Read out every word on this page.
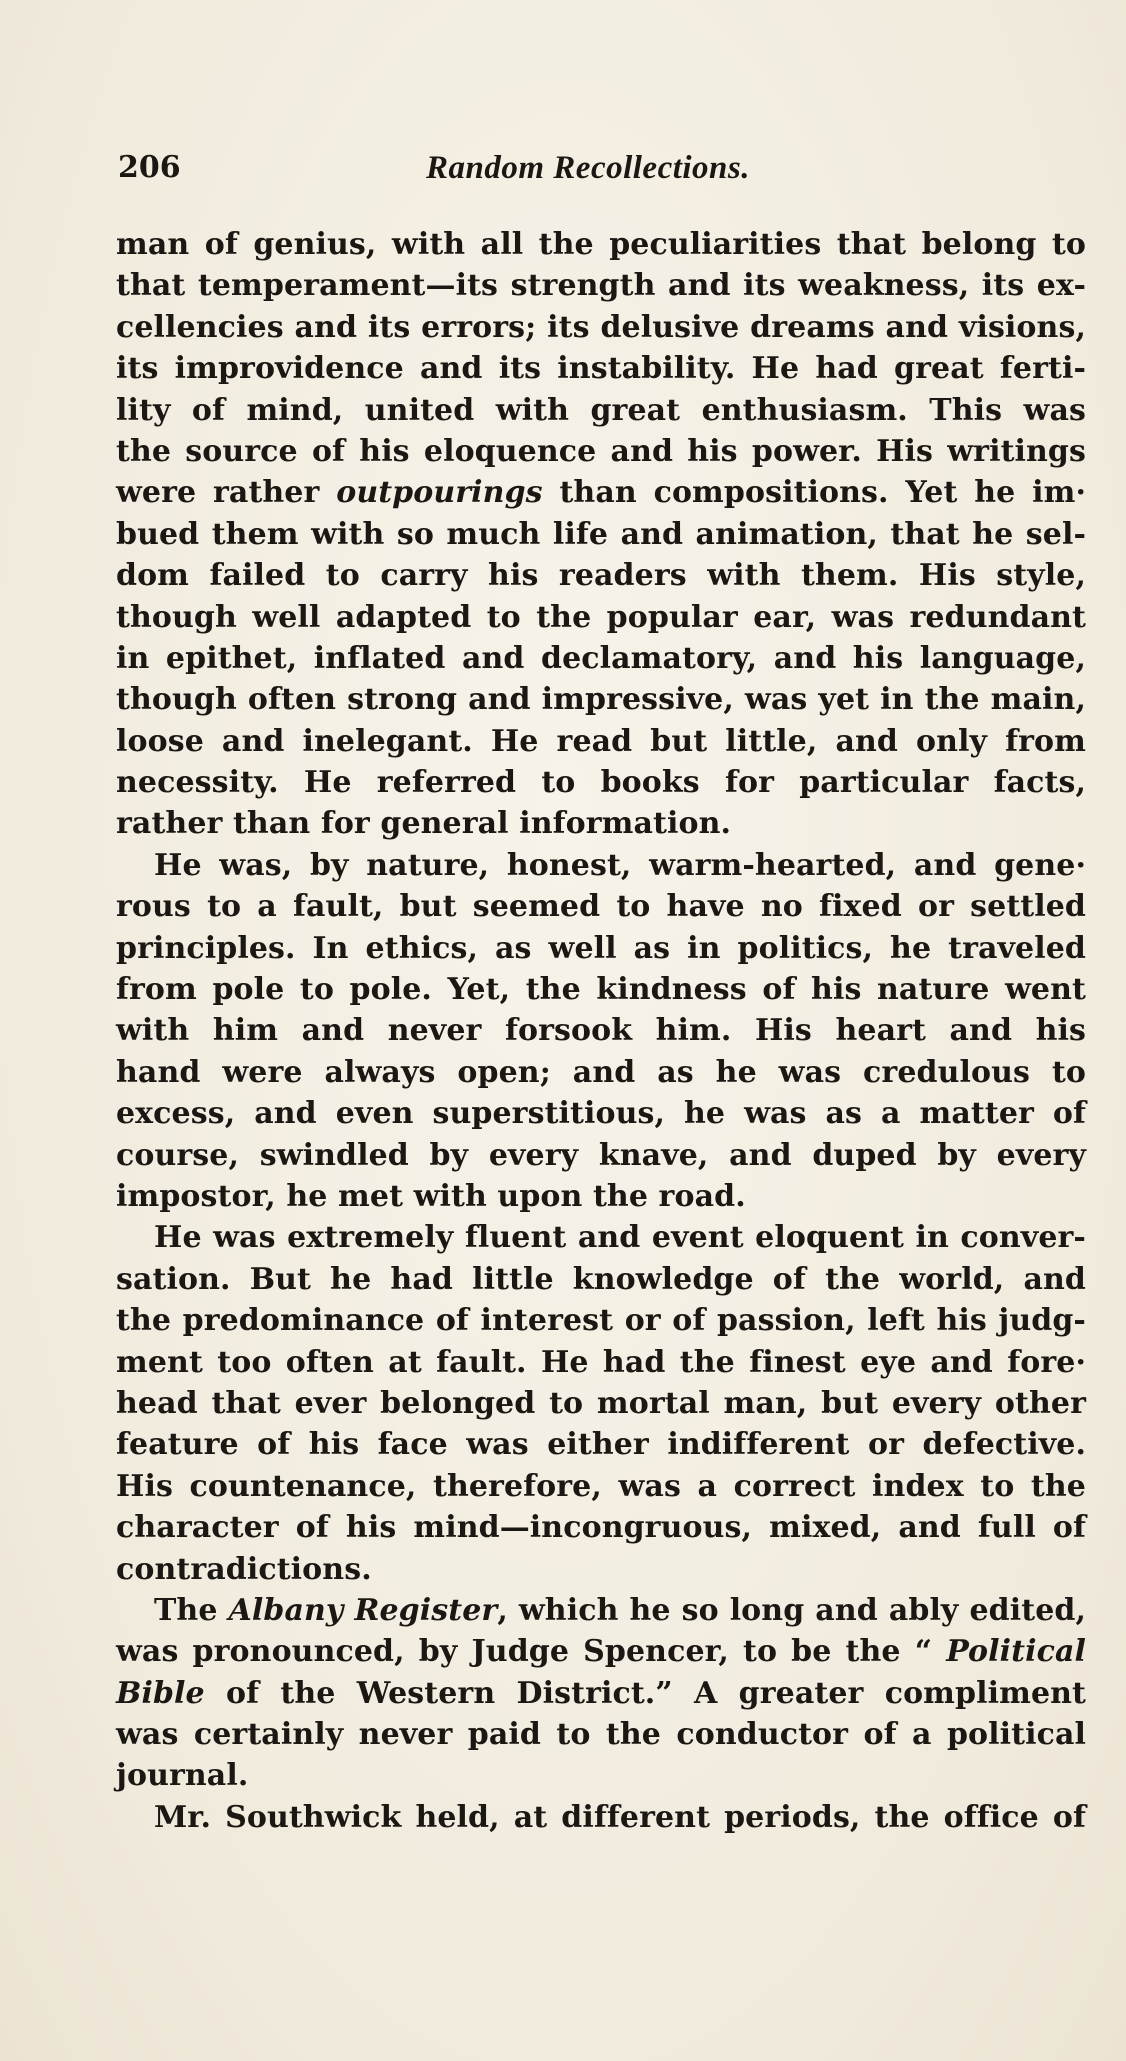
206	Random Recollections.
man of genius, with all the peculiarities that belong to
that temperament—its strength and its weakness, its ex-
cellencies and its errors; its delusive dreams and visions,
its improvidence and its instability. He had great ferti-
lity of mind, united with great enthusiasm. This was
the source of his eloquence and his power. His writings
were rather outpourings than compositions. Yet he im·
bued them with so much life and animation, that he sel-
dom failed to carry his readers with them. His style,
though well adapted to the popular ear, was redundant
in epithet, inflated and declamatory, and his language,
though often strong and impressive, was yet in the main,
loose and inelegant. He read but little, and only from
necessity. He referred to books for particular facts,
rather than for general information.
He was, by nature, honest, warm-hearted, and gene·
rous to a fault, but seemed to have no fixed or settled
principles. In ethics, as well as in politics, he traveled
from pole to pole. Yet, the kindness of his nature went
with him and never forsook him. His heart and his
hand were always open; and as he was credulous to
excess, and even superstitious, he was as a matter of
course, swindled by every knave, and duped by every
impostor, he met with upon the road.
He was extremely fluent and event eloquent in conver-
sation. But he had little knowledge of the world, and
the predominance of interest or of passion, left his judg-
ment too often at fault. He had the finest eye and fore·
head that ever belonged to mortal man, but every other
feature of his face was either indifferent or defective.
His countenance, therefore, was a correct index to the
character of his mind—incongruous, mixed, and full of
contradictions.
The Albany Register, which he so long and ably edited,
was pronounced, by Judge Spencer, to be the “ Political
Bible of the Western District.” A greater compliment
was certainly never paid to the conductor of a political
journal.
Mr. Southwick held, at different periods, the office of
